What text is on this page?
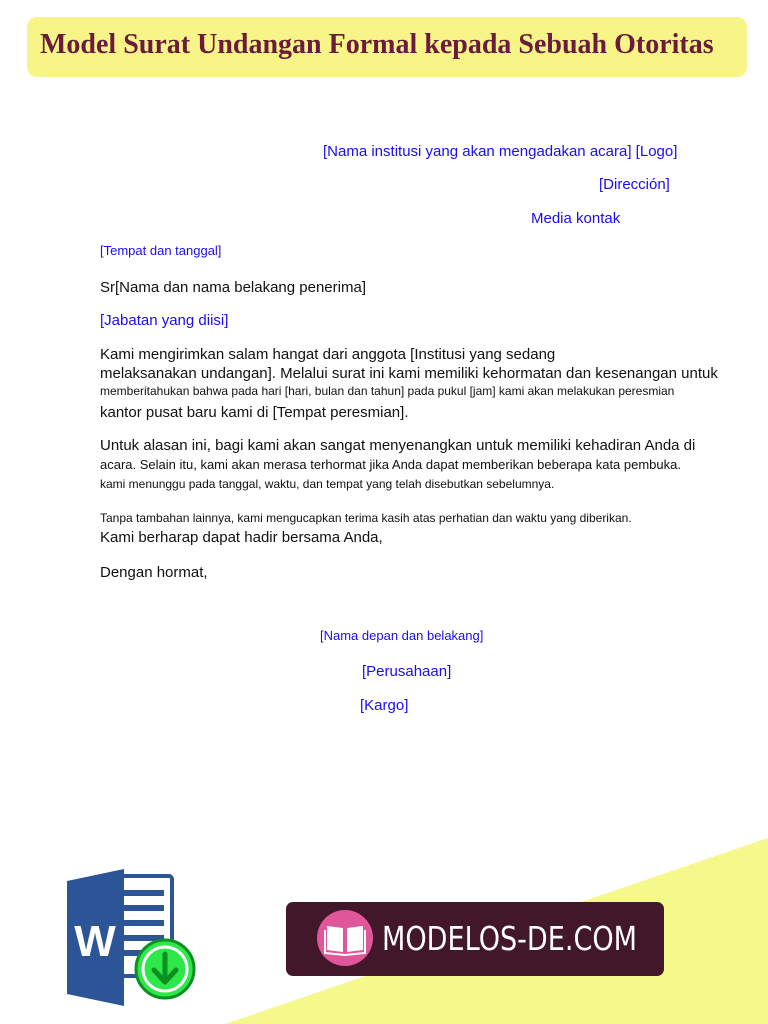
Model Surat Undangan Formal kepada Sebuah Otoritas

[Nama institusi yang akan mengadakan acara] [Logo]

[Dirección]

Media kontak

[Tempat dan tanggal]

Sr[Nama dan nama belakang penerima]

[Jabatan yang diisi]

Kami mengirimkan salam hangat dari anggota [Institusi yang sedang

melaksanakan undangan]. Melalui surat ini kami memiliki kehormatan dan kesenangan untuk

memberitahukan bahwa pada hari [hari, bulan dan tahun] pada pukul [jam] kami akan melakukan peresmian

kantor pusat baru kami di [Tempat peresmian].

Untuk alasan ini, bagi kami akan sangat menyenangkan untuk memiliki kehadiran Anda di

acara. Selain itu, kami akan merasa terhormat jika Anda dapat memberikan beberapa kata pembuka.

kami menunggu pada tanggal, waktu, dan tempat yang telah disebutkan sebelumnya.

Tanpa tambahan lainnya, kami mengucapkan terima kasih atas perhatian dan waktu yang diberikan.

Kami berharap dapat hadir bersama Anda,

Dengan hormat,

[Nama depan dan belakang]

[Perusahaan]

[Kargo]

W	MODELOS-DE.COM
